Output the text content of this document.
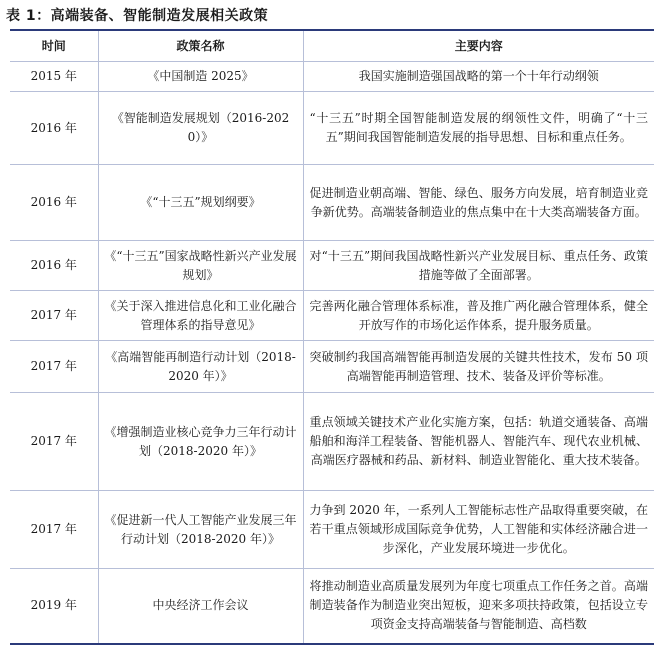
表 1：高端装备、智能制造发展相关政策
时间	政策名称	主要内容
2015 年	《中国制造 2025》	我国实施制造强国战略的第一个十年行动纲领
2016 年	《智能制造发展规划（2016-2020）》	“十三五”时期全国智能制造发展的纲领性文件，明确了“十三五”期间我国智能制造发展的指导思想、目标和重点任务。
2016 年	《“十三五”规划纲要》	促进制造业朝高端、智能、绿色、服务方向发展，培育制造业竞争新优势。高端装备制造业的焦点集中在十大类高端装备方面。
2016 年	《“十三五”国家战略性新兴产业发展规划》	对“十三五”期间我国战略性新兴产业发展目标、重点任务、政策措施等做了全面部署。
2017 年	《关于深入推进信息化和工业化融合管理体系的指导意见》	完善两化融合管理体系标准，普及推广两化融合管理体系，健全开放写作的市场化运作体系，提升服务质量。
2017 年	《高端智能再制造行动计划（2018-2020 年）》	突破制约我国高端智能再制造发展的关键共性技术，发布 50 项高端智能再制造管理、技术、装备及评价等标准。
2017 年	《增强制造业核心竞争力三年行动计划（2018-2020 年）》	重点领域关键技术产业化实施方案，包括：轨道交通装备、高端船舶和海洋工程装备、智能机器人、智能汽车、现代农业机械、高端医疗器械和药品、新材料、制造业智能化、重大技术装备。
2017 年	《促进新一代人工智能产业发展三年行动计划（2018-2020 年）》	力争到 2020 年，一系列人工智能标志性产品取得重要突破，在若干重点领域形成国际竞争优势，人工智能和实体经济融合进一步深化，产业发展环境进一步优化。
2019 年	中央经济工作会议	将推动制造业高质量发展列为年度七项重点工作任务之首。高端制造装备作为制造业突出短板，迎来多项扶持政策，包括设立专项资金支持高端装备与智能制造、高档数
